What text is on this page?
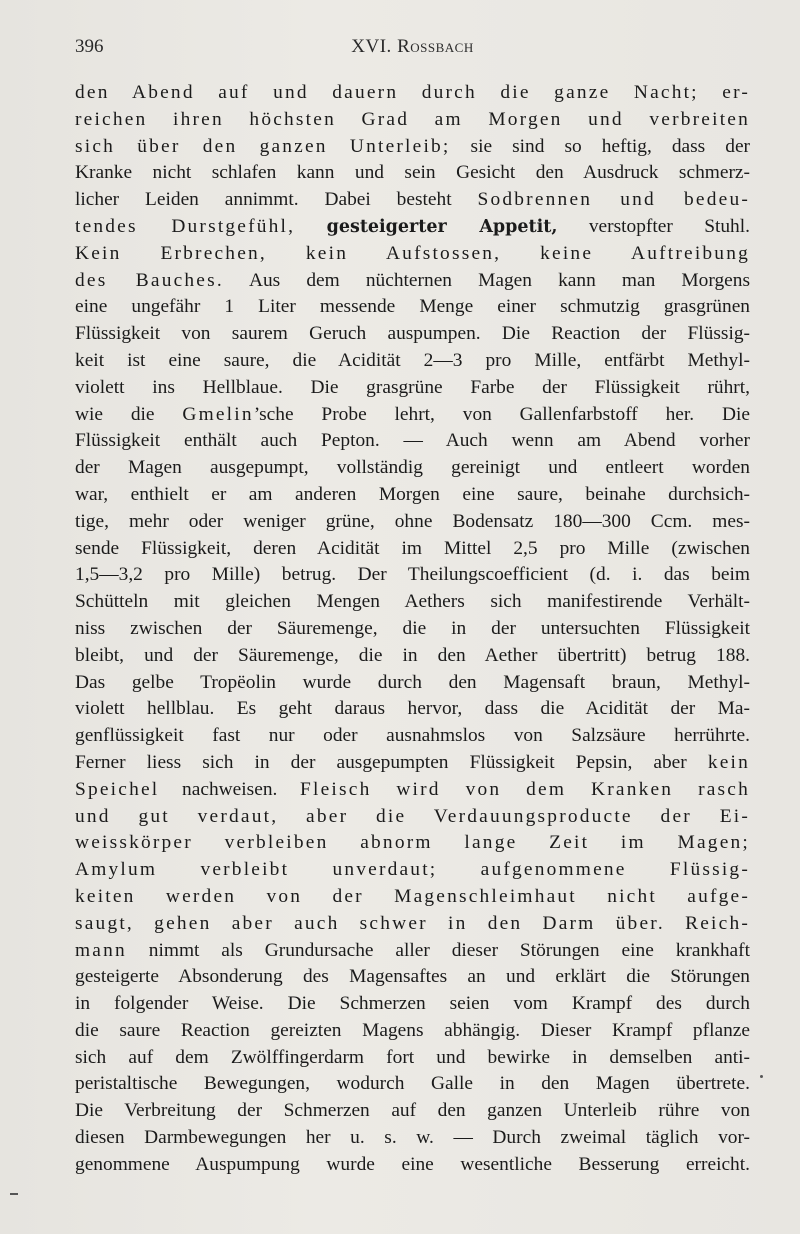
396	XVI. Rossbach
den Abend auf und dauern durch die ganze Nacht; er-
reichen ihren höchsten Grad am Morgen und verbreiten
sich über den ganzen Unterleib; sie sind so heftig, dass der
Kranke nicht schlafen kann und sein Gesicht den Ausdruck schmerz-
licher Leiden annimmt. Dabei besteht Sodbrennen und bedeu-
tendes Durstgefühl, gesteigerter Appetit, verstopfter Stuhl.
Kein Erbrechen, kein Aufstossen, keine Auftreibung
des Bauches. Aus dem nüchternen Magen kann man Morgens
eine ungefähr 1 Liter messende Menge einer schmutzig grasgrünen
Flüssigkeit von saurem Geruch auspumpen. Die Reaction der Flüssig-
keit ist eine saure, die Acidität 2—3 pro Mille, entfärbt Methyl-
violett ins Hellblaue. Die grasgrüne Farbe der Flüssigkeit rührt,
wie die Gmelin’sche Probe lehrt, von Gallenfarbstoff her. Die
Flüssigkeit enthält auch Pepton. — Auch wenn am Abend vorher
der Magen ausgepumpt, vollständig gereinigt und entleert worden
war, enthielt er am anderen Morgen eine saure, beinahe durchsich-
tige, mehr oder weniger grüne, ohne Bodensatz 180—300 Ccm. mes-
sende Flüssigkeit, deren Acidität im Mittel 2,5 pro Mille (zwischen
1,5—3,2 pro Mille) betrug. Der Theilungscoefficient (d. i. das beim
Schütteln mit gleichen Mengen Aethers sich manifestirende Verhält-
niss zwischen der Säuremenge, die in der untersuchten Flüssigkeit
bleibt, und der Säuremenge, die in den Aether übertritt) betrug 188.
Das gelbe Tropëolin wurde durch den Magensaft braun, Methyl-
violett hellblau. Es geht daraus hervor, dass die Acidität der Ma-
genflüssigkeit fast nur oder ausnahmslos von Salzsäure herrührte.
Ferner liess sich in der ausgepumpten Flüssigkeit Pepsin, aber kein
Speichel nachweisen. Fleisch wird von dem Kranken rasch
und gut verdaut, aber die Verdauungsproducte der Ei-
weisskörper verbleiben abnorm lange Zeit im Magen;
Amylum verbleibt unverdaut; aufgenommene Flüssig-
keiten werden von der Magenschleimhaut nicht aufge-
saugt, gehen aber auch schwer in den Darm über. Reich-
mann nimmt als Grundursache aller dieser Störungen eine krankhaft
gesteigerte Absonderung des Magensaftes an und erklärt die Störungen
in folgender Weise. Die Schmerzen seien vom Krampf des durch
die saure Reaction gereizten Magens abhängig. Dieser Krampf pflanze
sich auf dem Zwölffingerdarm fort und bewirke in demselben anti-
peristaltische Bewegungen, wodurch Galle in den Magen übertrete.
Die Verbreitung der Schmerzen auf den ganzen Unterleib rühre von
diesen Darmbewegungen her u. s. w. — Durch zweimal täglich vor-
genommene Auspumpung wurde eine wesentliche Besserung erreicht.
